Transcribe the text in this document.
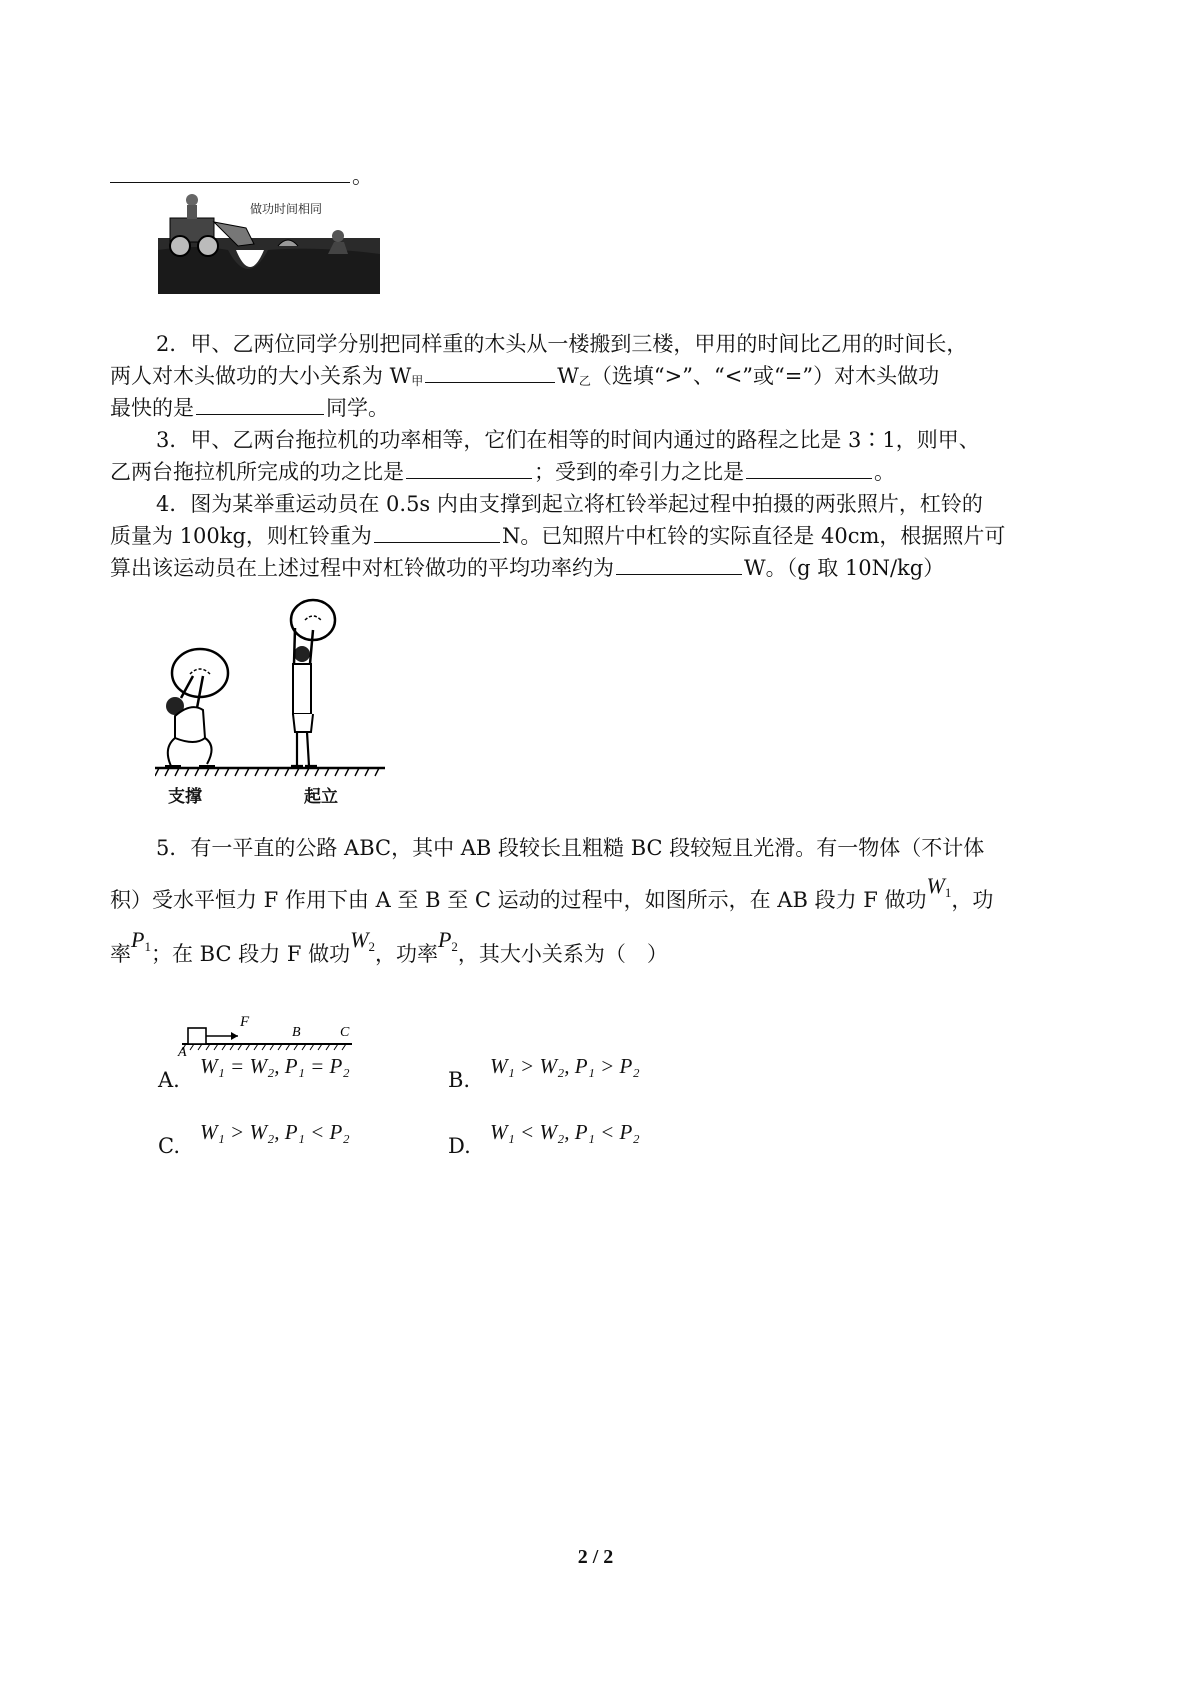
。
做功时间相同
2．甲、乙两位同学分别把同样重的木头从一楼搬到三楼，甲用的时间比乙用的时间长，
两人对木头做功的大小关系为 W甲	W乙（选填“>”、“<”或“=”）对木头做功
最快的是	同学。
3．甲、乙两台拖拉机的功率相等，它们在相等的时间内通过的路程之比是 3∶1，则甲、
乙两台拖拉机所完成的功之比是	；受到的牵引力之比是	。
4．图为某举重运动员在 0.5s 内由支撑到起立将杠铃举起过程中拍摄的两张照片，杠铃的
质量为 100kg，则杠铃重为	N。已知照片中杠铃的实际直径是 40cm，根据照片可
算出该运动员在上述过程中对杠铃做功的平均功率约为	W。（g 取 10N/kg）
支撑	起立
5．有一平直的公路 ABC，其中 AB 段较长且粗糙 BC 段较短且光滑。有一物体（不计体
积）受水平恒力 F 作用下由 A 至 B 至 C 运动的过程中，如图所示，在 AB 段力 F 做功W1，功
率P1；在 BC 段力 F 做功W2，功率P2，其大小关系为（　）
F
A
B	C
A.
W₁ = W₂, P₁ = P₂
B.
W₁ > W₂, P₁ > P₂
C.
W₁ > W₂, P₁ < P₂
D.
W₁ < W₂, P₁ < P₂
2 / 2
